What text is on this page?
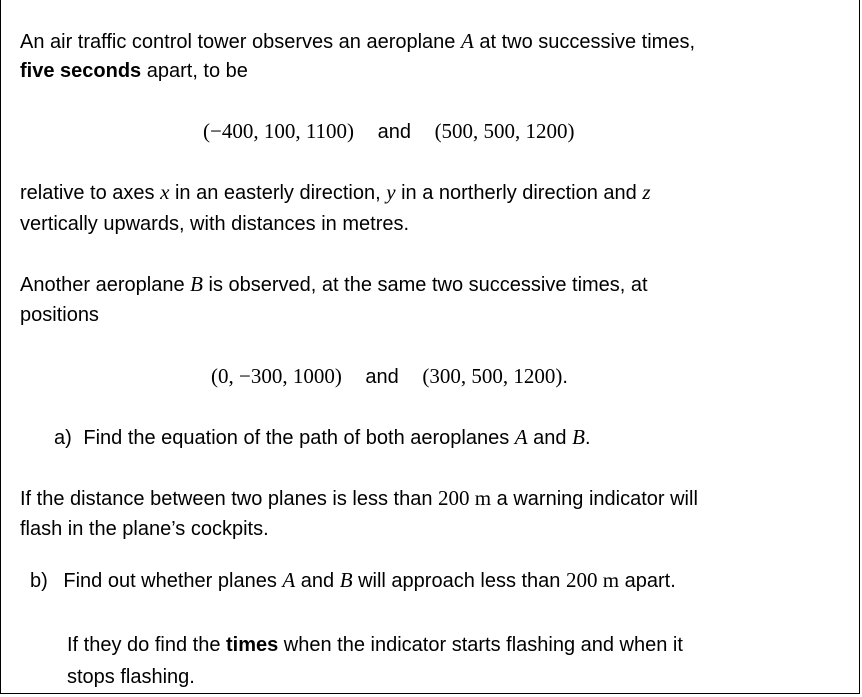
An air traffic control tower observes an aeroplane A at two successive times,
five seconds apart, to be
(−400, 100, 1100) and (500, 500, 1200)
relative to axes x in an easterly direction, y in a northerly direction and z
vertically upwards, with distances in metres.
Another aeroplane B is observed, at the same two successive times, at
positions
(0, −300, 1000) and (300, 500, 1200).
a) Find the equation of the path of both aeroplanes A and B.
If the distance between two planes is less than 200 m a warning indicator will
flash in the plane’s cockpits.
b) Find out whether planes A and B will approach less than 200 m apart.
If they do find the times when the indicator starts flashing and when it
stops flashing.
